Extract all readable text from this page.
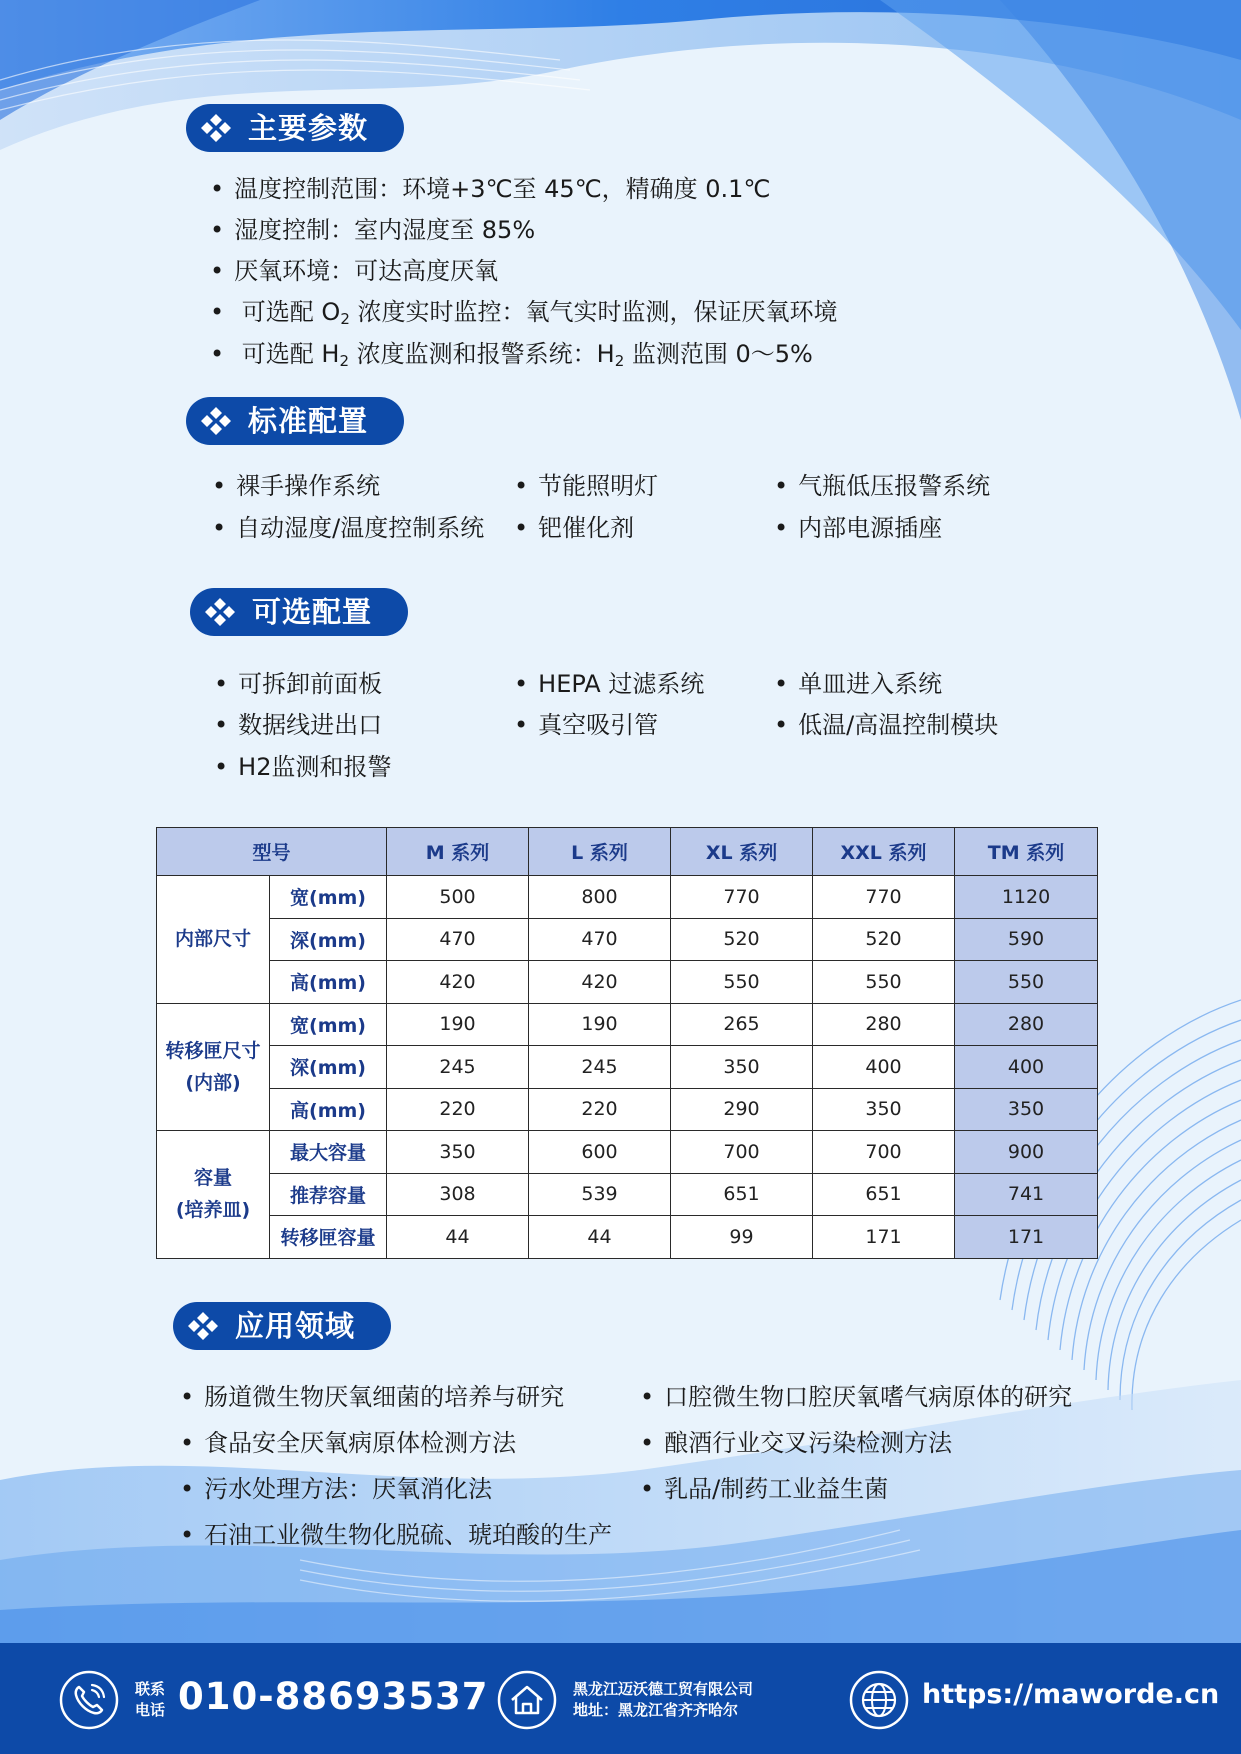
主要参数
• 温度控制范围：环境+3℃至 45℃，精确度 0.1℃
• 湿度控制：室内湿度至 85%
• 厌氧环境：可达高度厌氧
• 可选配 $O_2$ 浓度实时监控：氧气实时监测，保证厌氧环境
• 可选配 $H_2$ 浓度监测和报警系统：$H_2$ 监测范围 0～5%
标准配置
• 裸手操作系统	• 节能照明灯	• 气瓶低压报警系统
• 自动湿度/温度控制系统	• 钯催化剂	• 内部电源插座
可选配置
• 可拆卸前面板	• HEPA 过滤系统	• 单皿进入系统
• 数据线进出口	• 真空吸引管	• 低温/高温控制模块
• H2监测和报警
型号		M 系列	L 系列	XL 系列	XXL 系列	TM 系列

内部尺寸	宽(mm)	500	800	770	770	1120
	深(mm)	470	470	520	520	590
	高(mm)	420	420	550	550	550

转移匣尺寸
(内部)	宽(mm)	190	190	265	280	280
	深(mm)	245	245	350	400	400
	高(mm)	220	220	290	350	350

容量
(培养皿)	最大容量	350	600	700	700	900
	推荐容量	308	539	651	651	741
	转移匣容量	44	44	99	171	171
应用领域
• 肠道微生物厌氧细菌的培养与研究	• 口腔微生物口腔厌氧嗜气病原体的研究
• 食品安全厌氧病原体检测方法	• 酿酒行业交叉污染检测方法
• 污水处理方法：厌氧消化法	• 乳品/制药工业益生菌
• 石油工业微生物化脱硫、琥珀酸的生产
联系
电话 010-88693537	黑龙江迈沃德工贸有限公司
地址：黑龙江省齐齐哈尔	https://maworde.cn
